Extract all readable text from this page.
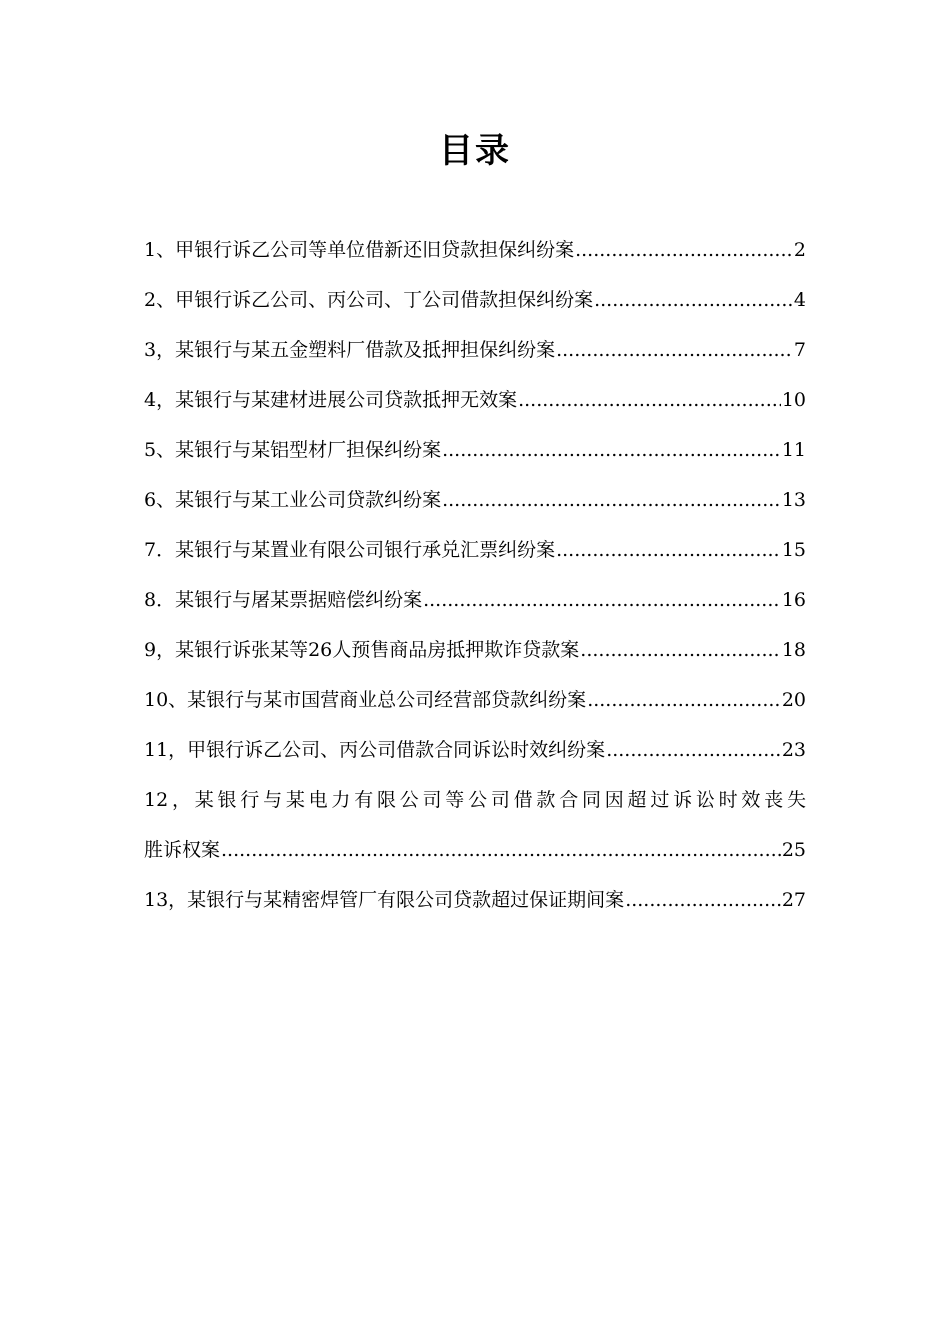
目录
1、甲银行诉乙公司等单位借新还旧贷款担保纠纷案 .....	2
2、甲银行诉乙公司、丙公司、丁公司借款担保纠纷案 .....	4
3，某银行与某五金塑料厂借款及抵押担保纠纷案 .....	7
4，某银行与某建材进展公司贷款抵押无效案 .....	10
5、某银行与某铝型材厂担保纠纷案 .....	11
6、某银行与某工业公司贷款纠纷案 .....	13
7．某银行与某置业有限公司银行承兑汇票纠纷案 .....	15
8．某银行与屠某票据赔偿纠纷案 .....	16
9，某银行诉张某等26人预售商品房抵押欺诈贷款案 .....	18
10、某银行与某市国营商业总公司经营部贷款纠纷案 .....	20
11，甲银行诉乙公司、丙公司借款合同诉讼时效纠纷案 .....	23
12，某银行与某电力有限公司等公司借款合同因超过诉讼时效丧失
胜诉权案 .....	25
13，某银行与某精密焊管厂有限公司贷款超过保证期间案 .....	27
